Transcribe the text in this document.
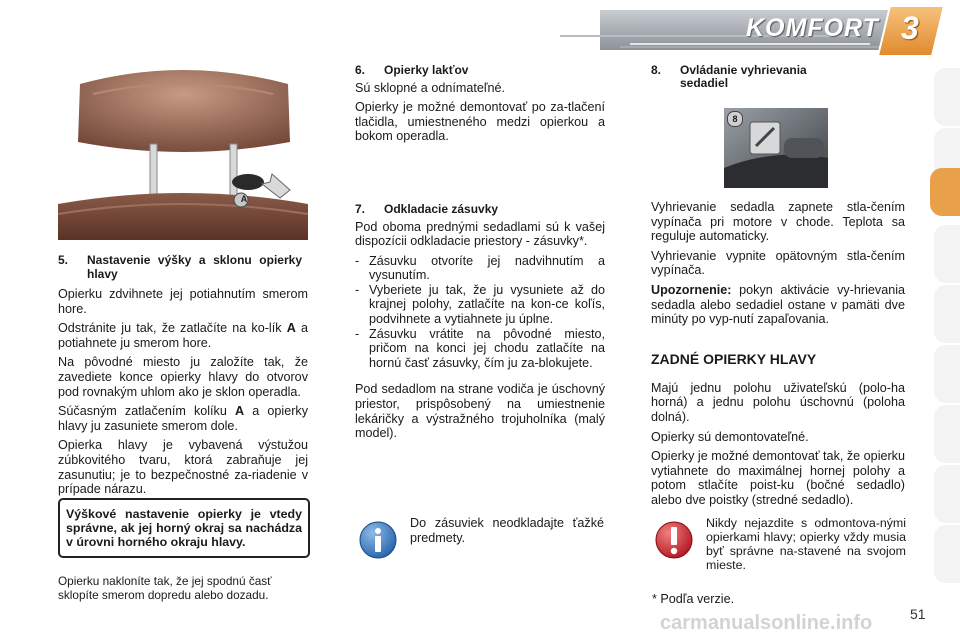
KOMFORT 3
A
5. Nastavenie výšky a sklonu opierky hlavy

Opierku zdvihnete jej potiahnutím smerom hore.

Odstránite ju tak, že zatlačíte na ko-lík A a potiahnete ju smerom hore.

Na pôvodné miesto ju založíte tak, že zavediete konce opierky hlavy do otvorov pod rovnakým uhlom ako je sklon operadla.

Súčasným zatlačením kolíku A a opierky hlavy ju zasuniete smerom dole.

Opierka hlavy je vybavená výstužou zúbkovitého tvaru, ktorá zabraňuje jej zasunutiu; je to bezpečnostné za-riadenie v prípade nárazu.

Výškové nastavenie opierky je vtedy správne, ak jej horný okraj sa nachádza v úrovni horného okraju hlavy.
Opierku nakloníte tak, že jej spodnú časť sklopíte smerom dopredu alebo dozadu.
6. Opierky lakťov

Sú sklopné a odnímateľné.

Opierky je možné demontovať po za-tlačení tlačidla, umiestneného medzi opierkou a bokom operadla.

7. Odkladacie zásuvky

Pod oboma prednými sedadlami sú k vašej dispozícii odkladacie priestory - zásuvky*.

- Zásuvku otvoríte jej nadvihnutím a vysunutím.
- Vyberiete ju tak, že ju vysuniete až do krajnej polohy, zatlačíte na kon-ce koľís, podvihnete a vytiahnete ju úplne.
- Zásuvku vrátite na pôvodné miesto, pričom na konci jej chodu zatlačíte na hornú časť zásuvky, čím ju za-blokujete.

Pod sedadlom na strane vodiča je úschovný priestor, prispôsobený na umiestnenie lekáričky a výstražného trojuholníka (malý model).

Do zásuviek neodkladajte ťažké predmety.
8. Ovládanie vyhrievania sedadiel
8

Vyhrievanie sedadla zapnete stla-čením vypínača pri motore v chode. Teplota sa reguluje automaticky.

Vyhrievanie vypnite opätovným stla-čením vypínača.

Upozornenie: pokyn aktivácie vy-hrievania sedadla alebo sedadiel ostane v pamäti dve minúty po vyp-nutí zapaľovania.

ZADNÉ OPIERKY HLAVY

Majú jednu polohu uživateľskú (polo-ha horná) a jednu polohu úschovnú (poloha dolná).

Opierky sú demontovateľné.

Opierky je možné demontovať tak, že opierku vytiahnete do maximálnej hornej polohy a potom stlačíte poist-ku (bočné sedadlo) alebo dve poistky (stredné sedadlo).

Nikdy nejazdite s odmontova-nými opierkami hlavy; opierky vždy musia byť správne na-stavené na svojom mieste.
* Podľa verzie.
51
carmanualsonline.info
